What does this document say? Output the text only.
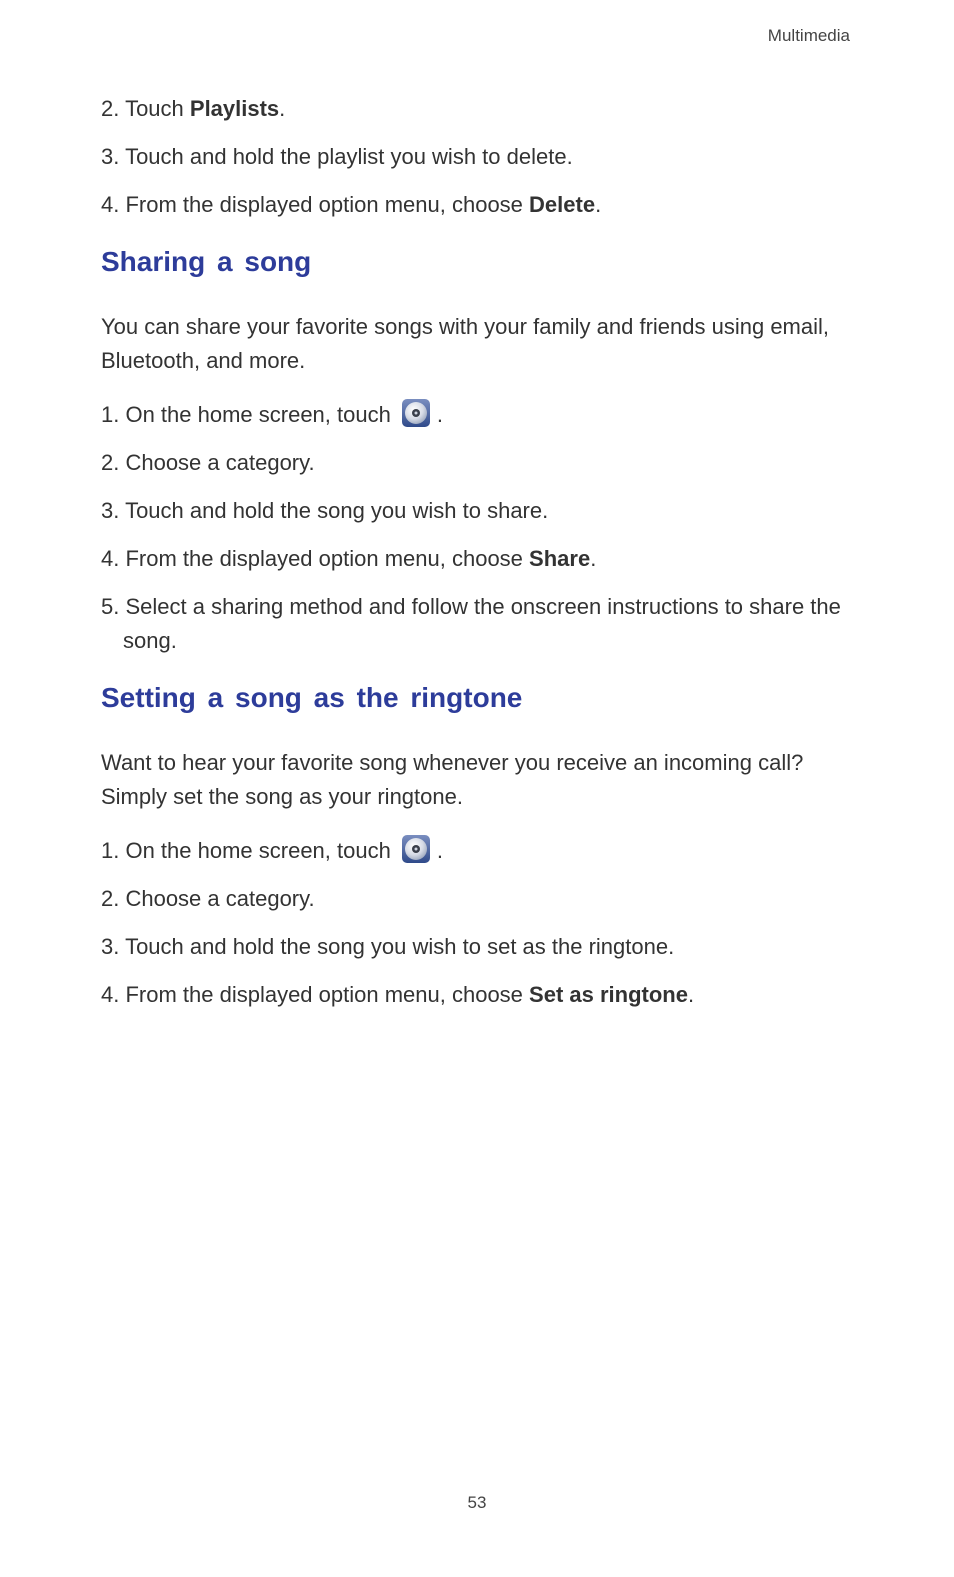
Multimedia

2. Touch Playlists.

3. Touch and hold the playlist you wish to delete.

4. From the displayed option menu, choose Delete.

Sharing a song

You can share your favorite songs with your family and friends using email, Bluetooth, and more.

1. On the home screen, touch .

2. Choose a category.

3. Touch and hold the song you wish to share.

4. From the displayed option menu, choose Share.

5. Select a sharing method and follow the onscreen instructions to share the song.

Setting a song as the ringtone

Want to hear your favorite song whenever you receive an incoming call? Simply set the song as your ringtone.

1. On the home screen, touch .

2. Choose a category.

3. Touch and hold the song you wish to set as the ringtone.

4. From the displayed option menu, choose Set as ringtone.

53
